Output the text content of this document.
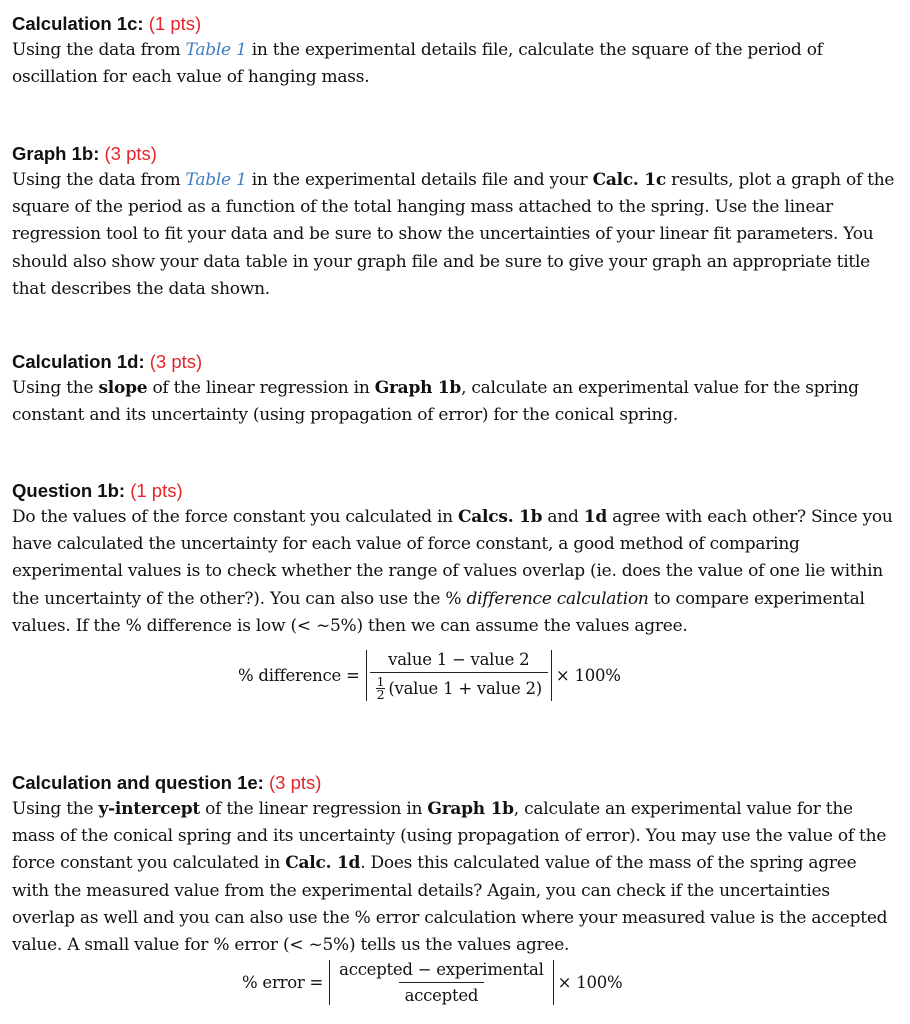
Calculation 1c: (1 pts)

Using the data from Table 1 in the experimental details file, calculate the square of the period of oscillation for each value of hanging mass.

Graph 1b: (3 pts)

Using the data from Table 1 in the experimental details file and your Calc. 1c results, plot a graph of the square of the period as a function of the total hanging mass attached to the spring. Use the linear regression tool to fit your data and be sure to show the uncertainties of your linear fit parameters. You should also show your data table in your graph file and be sure to give your graph an appropriate title that describes the data shown.

Calculation 1d: (3 pts)

Using the slope of the linear regression in Graph 1b, calculate an experimental value for the spring constant and its uncertainty (using propagation of error) for the conical spring.

Question 1b: (1 pts)

Do the values of the force constant you calculated in Calcs. 1b and 1d agree with each other? Since you have calculated the uncertainty for each value of force constant, a good method of comparing experimental values is to check whether the range of values overlap (ie. does the value of one lie within the uncertainty of the other?). You can also use the % difference calculation to compare experimental values. If the % difference is low (< ~5%) then we can assume the values agree.

% difference = $\frac{\text{value 1 − value 2}}{\frac{1}{2} (value 1 + value 2)} \times 100\%$

Calculation and question 1e: (3 pts)

Using the y-intercept of the linear regression in Graph 1b, calculate an experimental value for the mass of the conical spring and its uncertainty (using propagation of error). You may use the value of the force constant you calculated in Calc. 1d. Does this calculated value of the mass of the spring agree with the measured value from the experimental details? Again, you can check if the uncertainties overlap as well and you can also use the % error calculation where your measured value is the accepted value. A small value for % error (< ~5%) tells us the values agree.

% error = $\frac{\text{accepted − experimental}}{\text{accepted}} \times 100\%$
